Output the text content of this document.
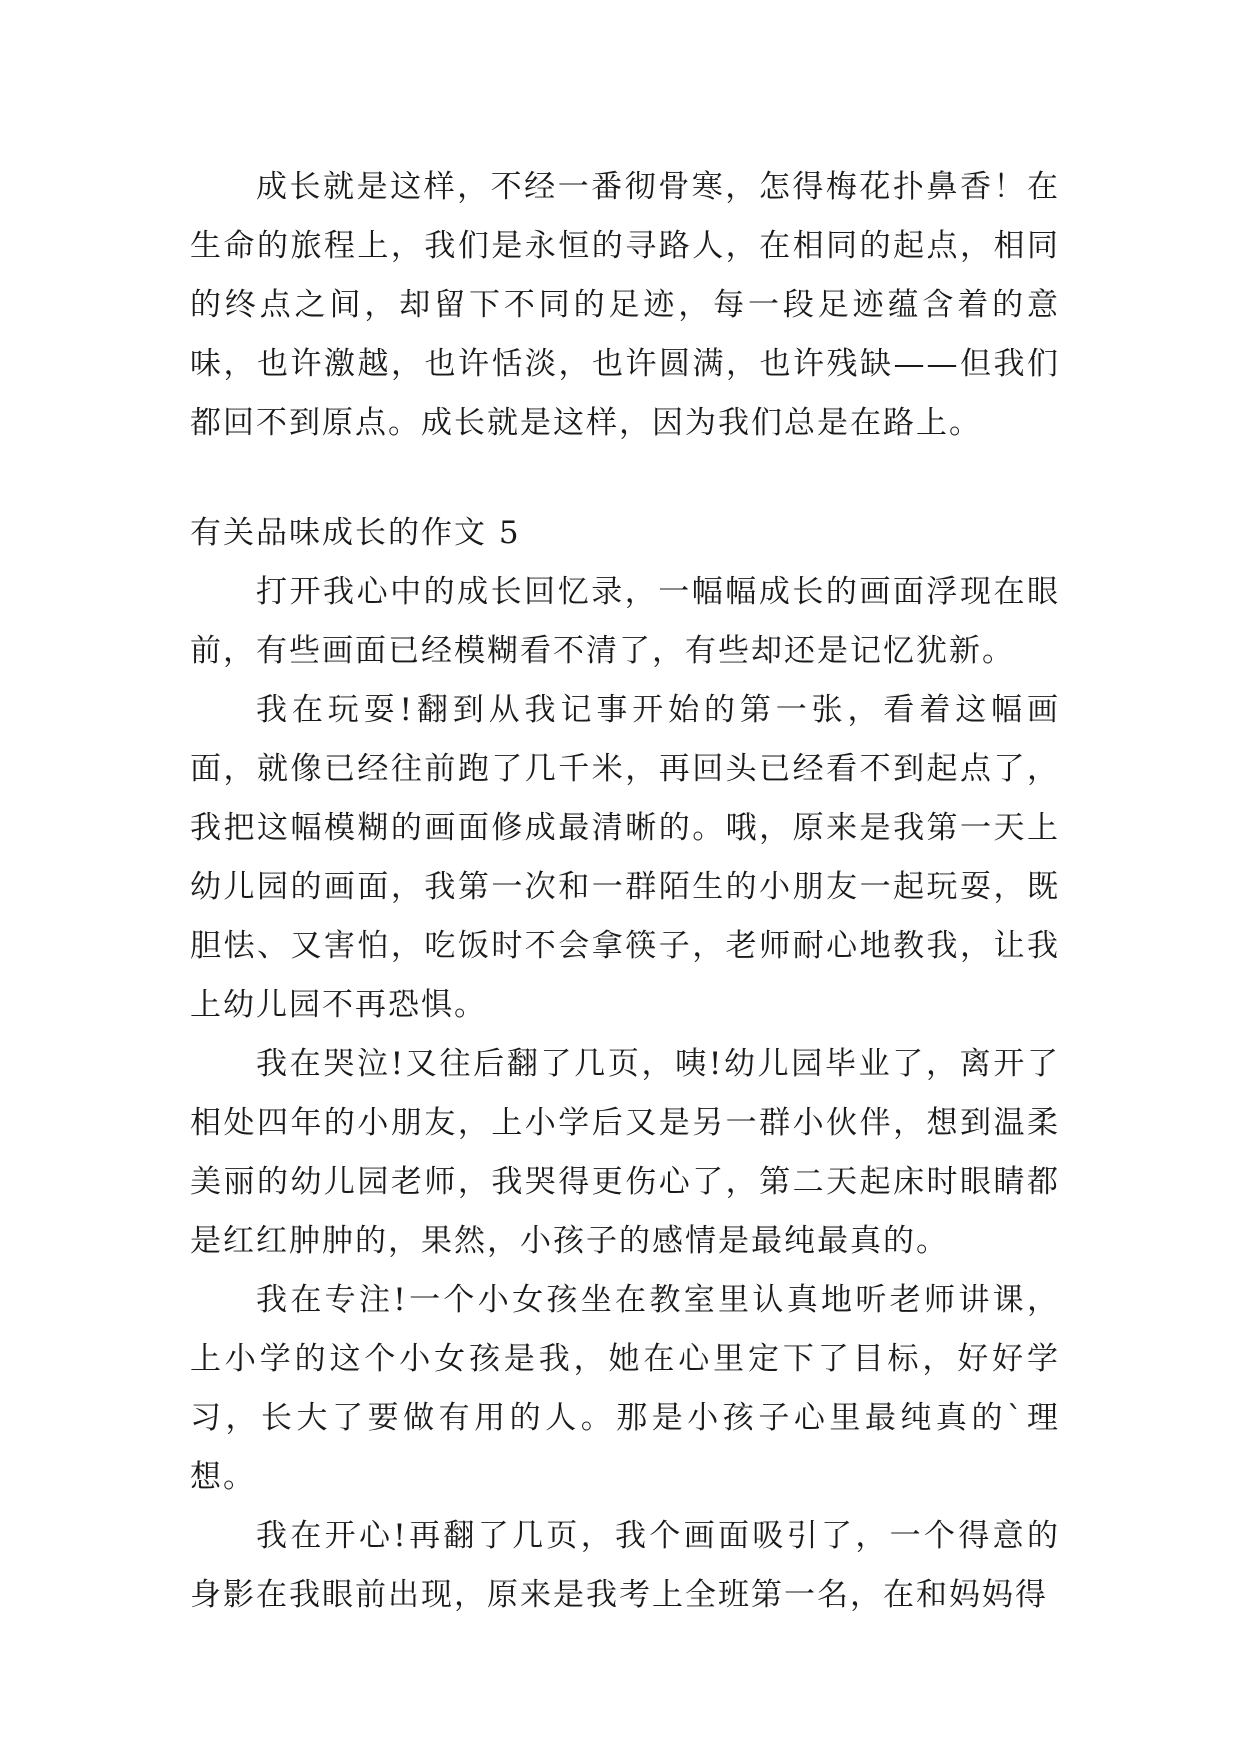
成长就是这样，不经一番彻骨寒，怎得梅花扑鼻香！在生命的旅程上，我们是永恒的寻路人，在相同的起点，相同的终点之间，却留下不同的足迹，每一段足迹蕴含着的意味，也许激越，也许恬淡，也许圆满，也许残缺——但我们都回不到原点。成长就是这样，因为我们总是在路上。

有关品味成长的作文 5

打开我心中的成长回忆录，一幅幅成长的画面浮现在眼前，有些画面已经模糊看不清了，有些却还是记忆犹新。

我在玩耍!翻到从我记事开始的第一张，看着这幅画面，就像已经往前跑了几千米，再回头已经看不到起点了，我把这幅模糊的画面修成最清晰的。哦，原来是我第一天上幼儿园的画面，我第一次和一群陌生的小朋友一起玩耍，既胆怯、又害怕，吃饭时不会拿筷子，老师耐心地教我，让我上幼儿园不再恐惧。

我在哭泣!又往后翻了几页，咦!幼儿园毕业了，离开了相处四年的小朋友，上小学后又是另一群小伙伴，想到温柔美丽的幼儿园老师，我哭得更伤心了，第二天起床时眼睛都是红红肿肿的，果然，小孩子的感情是最纯最真的。

我在专注!一个小女孩坐在教室里认真地听老师讲课，上小学的这个小女孩是我，她在心里定下了目标，好好学习，长大了要做有用的人。那是小孩子心里最纯真的`理想。

我在开心!再翻了几页，我个画面吸引了，一个得意的身影在我眼前出现，原来是我考上全班第一名，在和妈妈得
